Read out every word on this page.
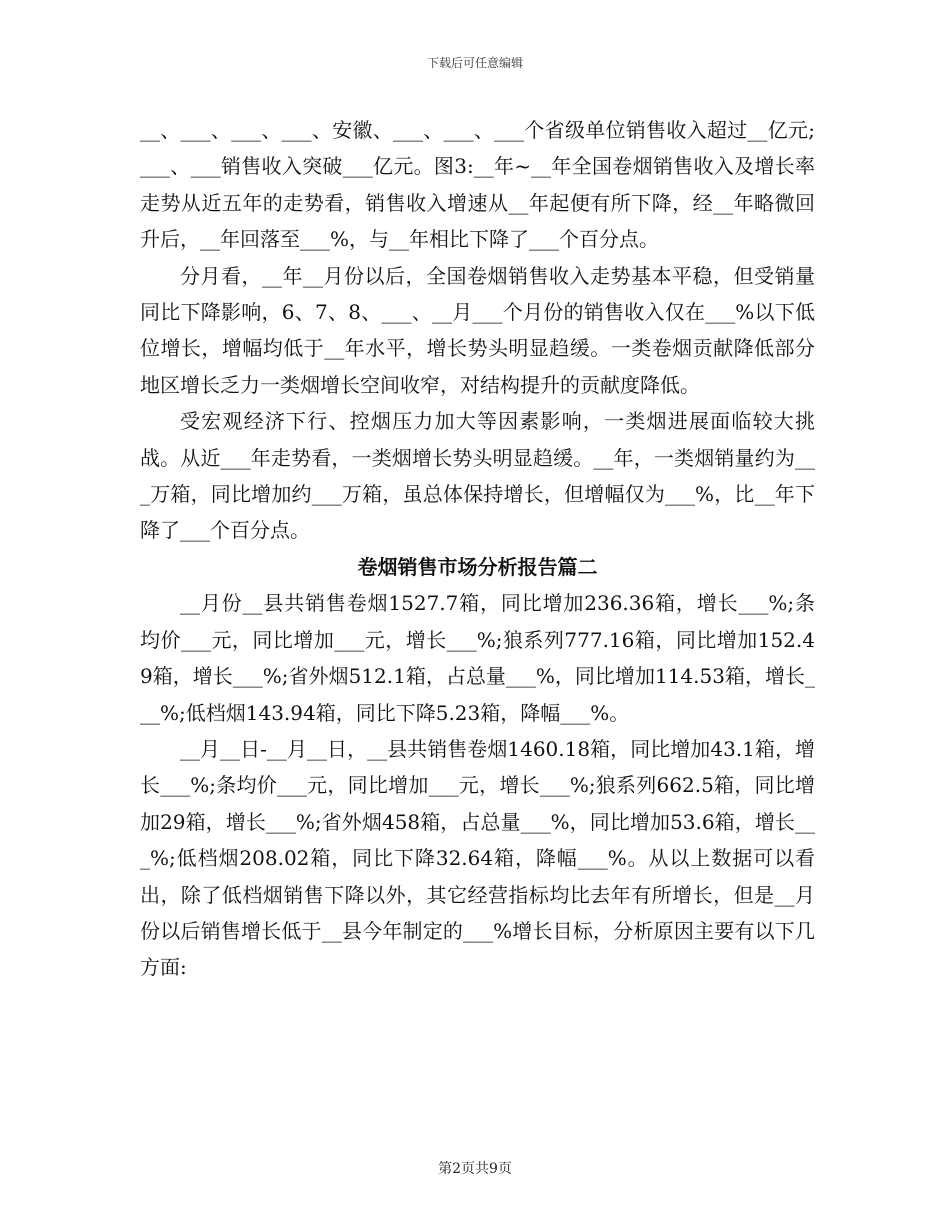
下载后可任意编辑

__、___、___、___、安徽、___、___、___个省级单位销售收入超过__亿元;___、___销售收入突破___亿元。图3:__年~__年全国卷烟销售收入及增长率走势从近五年的走势看，销售收入增速从__年起便有所下降，经__年略微回升后，__年回落至___%，与__年相比下降了___个百分点。

分月看，__年__月份以后，全国卷烟销售收入走势基本平稳，但受销量同比下降影响，6、7、8、___、__月___个月份的销售收入仅在___%以下低位增长，增幅均低于__年水平，增长势头明显趋缓。一类卷烟贡献降低部分地区增长乏力一类烟增长空间收窄，对结构提升的贡献度降低。

受宏观经济下行、控烟压力加大等因素影响，一类烟进展面临较大挑战。从近___年走势看，一类烟增长势头明显趋缓。__年，一类烟销量约为___万箱，同比增加约___万箱，虽总体保持增长，但增幅仅为___%，比__年下降了___个百分点。

卷烟销售市场分析报告篇二

__月份__县共销售卷烟1527.7箱，同比增加236.36箱，增长___%;条均价___元，同比增加___元，增长___%;狼系列777.16箱，同比增加152.49箱，增长___%;省外烟512.1箱，占总量___%，同比增加114.53箱，增长___%;低档烟143.94箱，同比下降5.23箱，降幅___%。

__月__日-__月__日，__县共销售卷烟1460.18箱，同比增加43.1箱，增长___%;条均价___元，同比增加___元，增长___%;狼系列662.5箱，同比增加29箱，增长___%;省外烟458箱，占总量___%，同比增加53.6箱，增长___%;低档烟208.02箱，同比下降32.64箱，降幅___%。从以上数据可以看出，除了低档烟销售下降以外，其它经营指标均比去年有所增长，但是__月份以后销售增长低于__县今年制定的___%增长目标，分析原因主要有以下几方面:

第2页共9页
